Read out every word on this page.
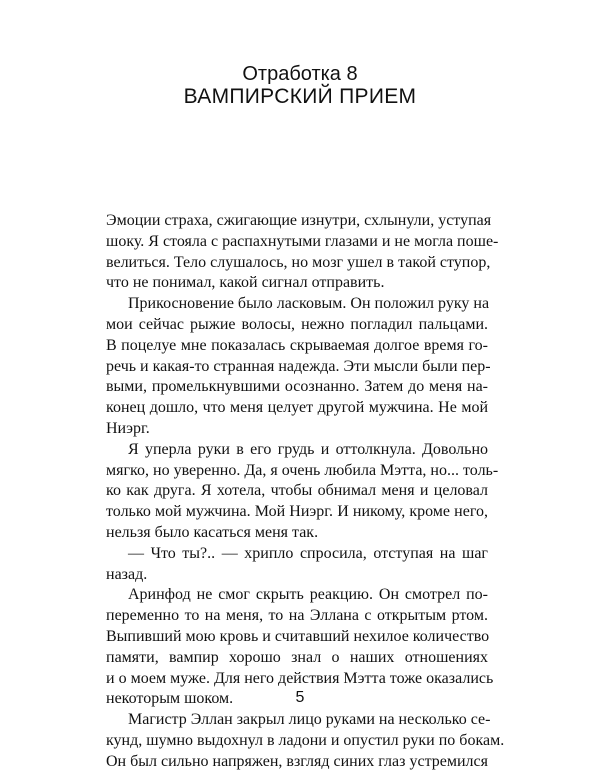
Отработка 8
ВАМПИРСКИЙ ПРИЕМ
Эмоции страха, сжигающие изнутри, схлынули, уступая
шоку. Я стояла с распахнутыми глазами и не могла поше-
велиться. Тело слушалось, но мозг ушел в такой ступор,
что не понимал, какой сигнал отправить.
Прикосновение было ласковым. Он положил руку на
мои сейчас рыжие волосы, нежно погладил пальцами.
В поцелуе мне показалась скрываемая долгое время го-
речь и какая-то странная надежда. Эти мысли были пер-
выми, промелькнувшими осознанно. Затем до меня на-
конец дошло, что меня целует другой мужчина. Не мой
Ниэрг.
Я уперла руки в его грудь и оттолкнула. Довольно
мягко, но уверенно. Да, я очень любила Мэтта, но... толь-
ко как друга. Я хотела, чтобы обнимал меня и целовал
только мой мужчина. Мой Ниэрг. И никому, кроме него,
нельзя было касаться меня так.
— Что ты?.. — хрипло спросила, отступая на шаг
назад.
Аринфод не смог скрыть реакцию. Он смотрел по-
переменно то на меня, то на Эллана с открытым ртом.
Выпивший мою кровь и считавший нехилое количество
памяти, вампир хорошо знал о наших отношениях
и о моем муже. Для него действия Мэтта тоже оказались
некоторым шоком.
Магистр Эллан закрыл лицо руками на несколько се-
кунд, шумно выдохнул в ладони и опустил руки по бокам.
Он был сильно напряжен, взгляд синих глаз устремился
5
